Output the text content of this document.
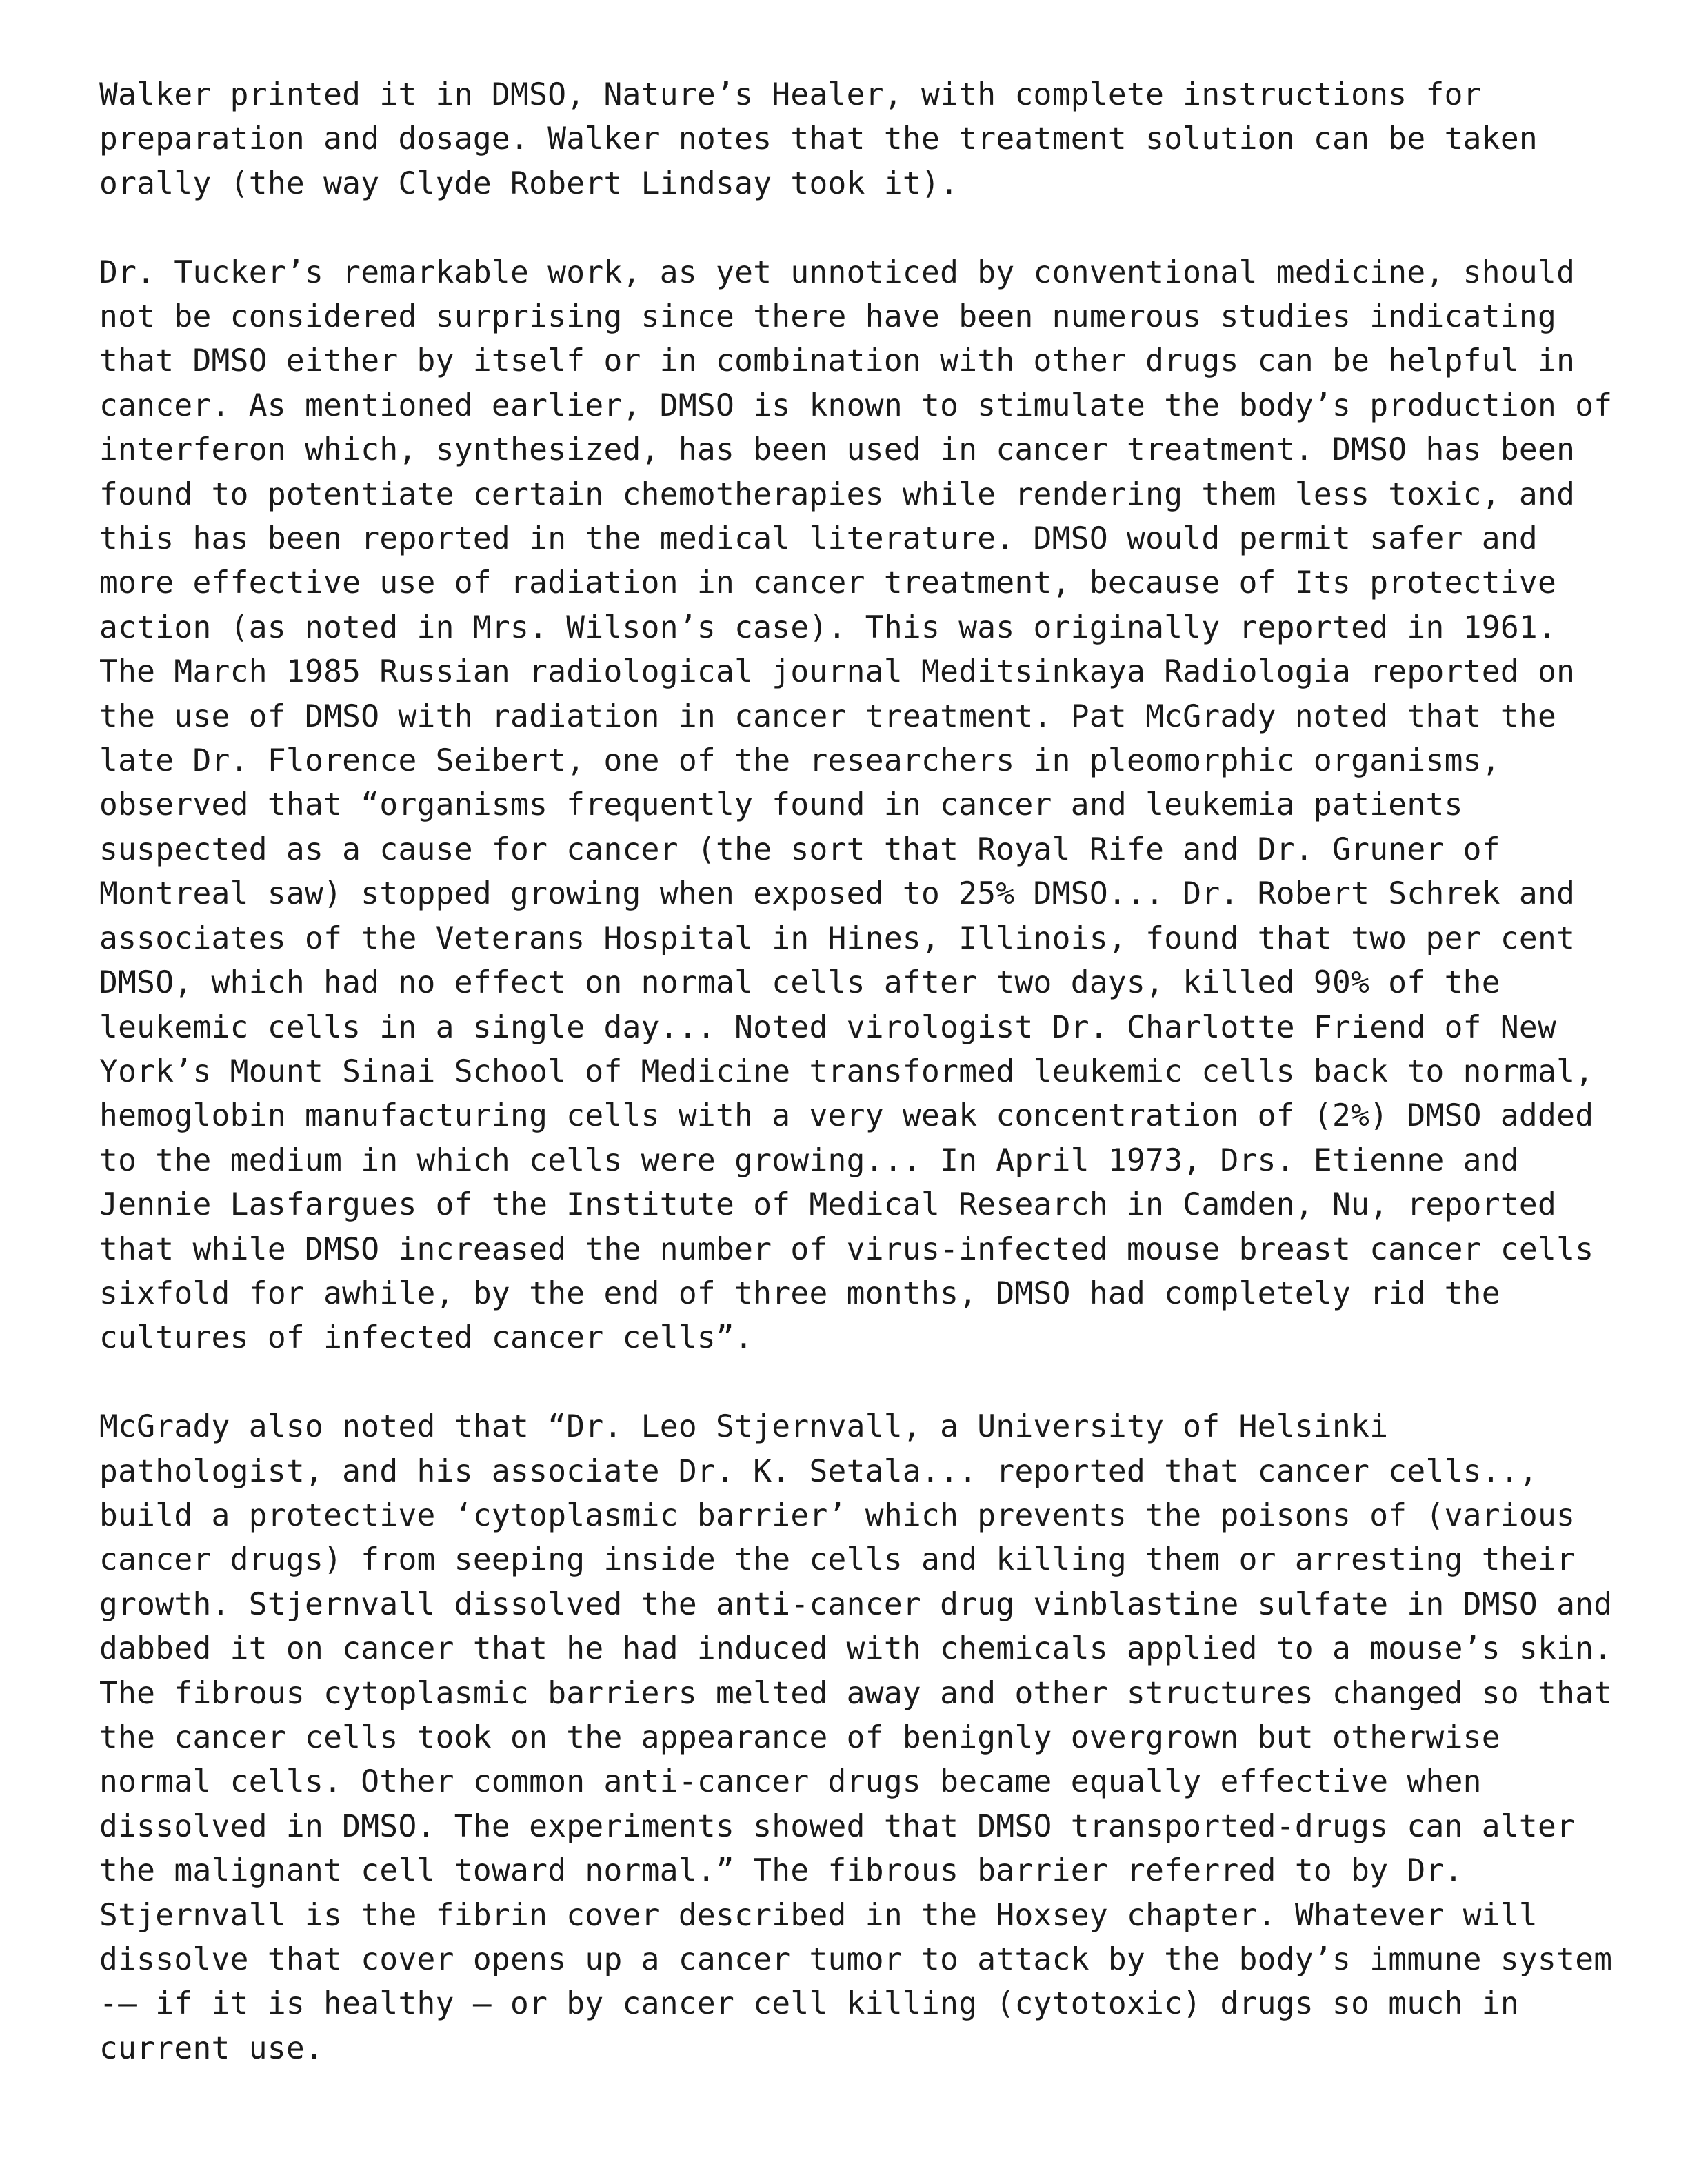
Walker printed it in DMSO, Nature’s Healer, with complete instructions for
preparation and dosage. Walker notes that the treatment solution can be taken
orally (the way Clyde Robert Lindsay took it).
Dr. Tucker’s remarkable work, as yet unnoticed by conventional medicine, should
not be considered surprising since there have been numerous studies indicating
that DMSO either by itself or in combination with other drugs can be helpful in
cancer. As mentioned earlier, DMSO is known to stimulate the body’s production of
interferon which, synthesized, has been used in cancer treatment. DMSO has been
found to potentiate certain chemotherapies while rendering them less toxic, and
this has been reported in the medical literature. DMSO would permit safer and
more effective use of radiation in cancer treatment, because of Its protective
action (as noted in Mrs. Wilson’s case). This was originally reported in 1961.
The March 1985 Russian radiological journal Meditsinkaya Radiologia reported on
the use of DMSO with radiation in cancer treatment. Pat McGrady noted that the
late Dr. Florence Seibert, one of the researchers in pleomorphic organisms,
observed that “organisms frequently found in cancer and leukemia patients
suspected as a cause for cancer (the sort that Royal Rife and Dr. Gruner of
Montreal saw) stopped growing when exposed to 25% DMSO... Dr. Robert Schrek and
associates of the Veterans Hospital in Hines, Illinois, found that two per cent
DMSO, which had no effect on normal cells after two days, killed 90% of the
leukemic cells in a single day... Noted virologist Dr. Charlotte Friend of New
York’s Mount Sinai School of Medicine transformed leukemic cells back to normal,
hemoglobin manufacturing cells with a very weak concentration of (2%) DMSO added
to the medium in which cells were growing... In April 1973, Drs. Etienne and
Jennie Lasfargues of the Institute of Medical Research in Camden, Nu, reported
that while DMSO increased the number of virus-infected mouse breast cancer cells
sixfold for awhile, by the end of three months, DMSO had completely rid the
cultures of infected cancer cells”.
McGrady also noted that “Dr. Leo Stjernvall, a University of Helsinki
pathologist, and his associate Dr. K. Setala... reported that cancer cells..,
build a protective ‘cytoplasmic barrier’ which prevents the poisons of (various
cancer drugs) from seeping inside the cells and killing them or arresting their
growth. Stjernvall dissolved the anti-cancer drug vinblastine sulfate in DMSO and
dabbed it on cancer that he had induced with chemicals applied to a mouse’s skin.
The fibrous cytoplasmic barriers melted away and other structures changed so that
the cancer cells took on the appearance of benignly overgrown but otherwise
normal cells. Other common anti-cancer drugs became equally effective when
dissolved in DMSO. The experiments showed that DMSO transported-drugs can alter
the malignant cell toward normal.” The fibrous barrier referred to by Dr.
Stjernvall is the fibrin cover described in the Hoxsey chapter. Whatever will
dissolve that cover opens up a cancer tumor to attack by the body’s immune system
-— if it is healthy — or by cancer cell killing (cytotoxic) drugs so much in
current use.
